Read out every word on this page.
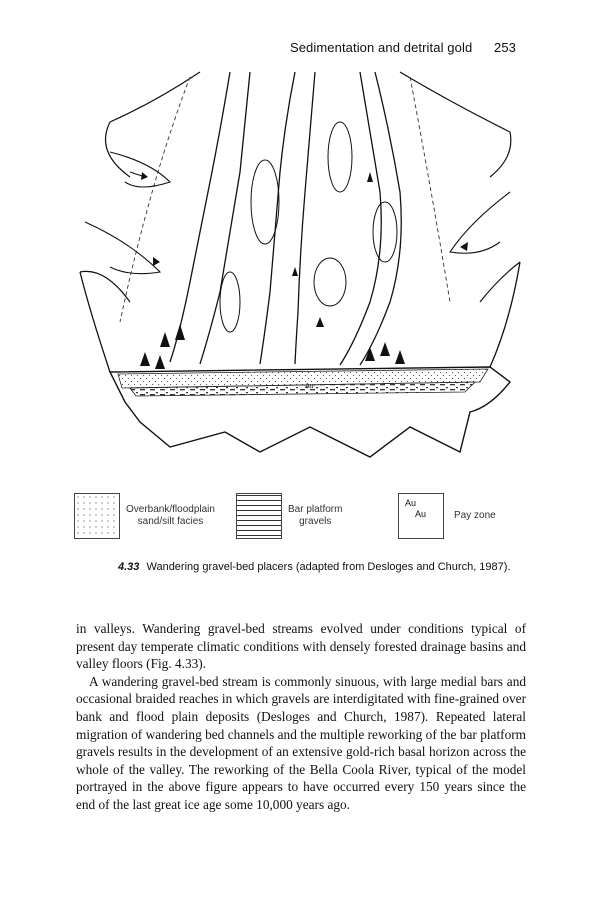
Sedimentation and detrital gold 253
Au
Overbank/floodplain
sand/silt facies
Bar platform
gravels
Au
Au	Pay zone
4.33 Wandering gravel-bed placers (adapted from Desloges and Church, 1987).

in valleys. Wandering gravel-bed streams evolved under conditions typical of present day temperate climatic conditions with densely forested drainage basins and valley floors (Fig. 4.33).

A wandering gravel-bed stream is commonly sinuous, with large medial bars and occasional braided reaches in which gravels are interdigitated with fine-grained over bank and flood plain deposits (Desloges and Church, 1987). Repeated lateral migration of wandering bed channels and the multiple reworking of the bar platform gravels results in the development of an extensive gold-rich basal horizon across the whole of the valley. The reworking of the Bella Coola River, typical of the model portrayed in the above figure appears to have occurred every 150 years since the end of the last great ice age some 10,000 years ago.
